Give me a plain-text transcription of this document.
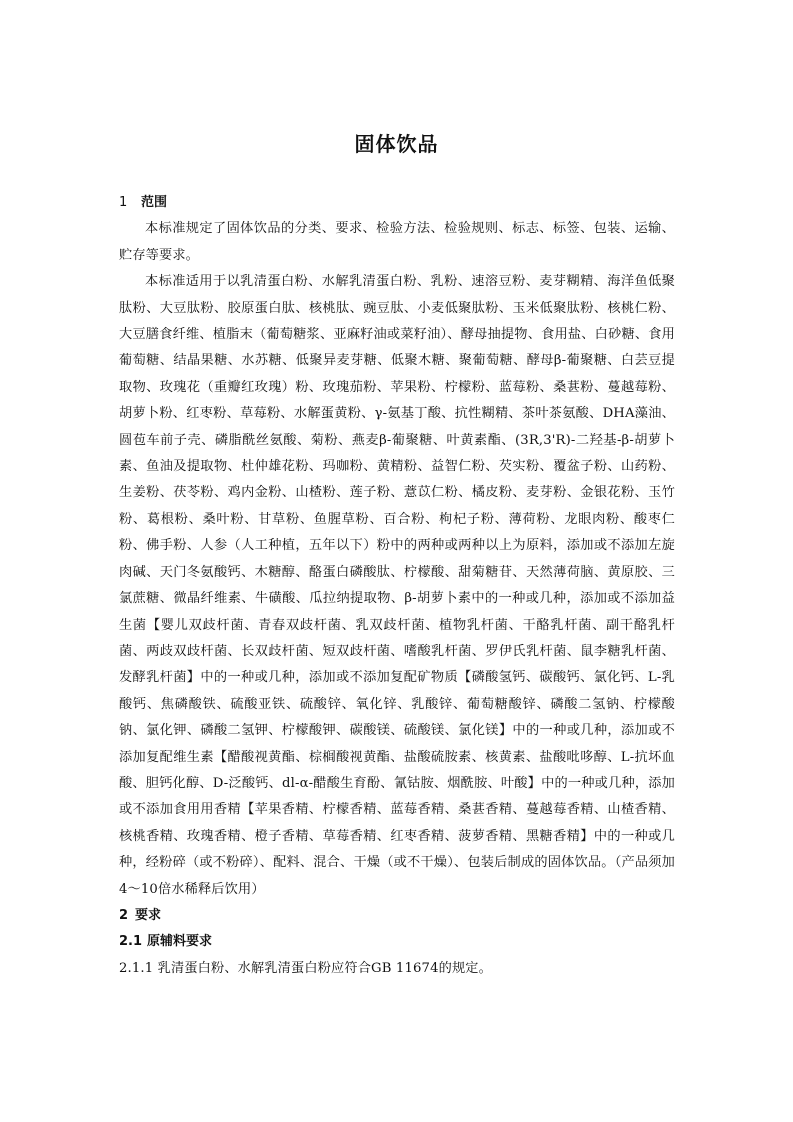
固体饮品
1 范围

本标准规定了固体饮品的分类、要求、检验方法、检验规则、标志、标签、包装、运输、贮存等要求。

本标准适用于以乳清蛋白粉、水解乳清蛋白粉、乳粉、速溶豆粉、麦芽糊精、海洋鱼低聚肽粉、大豆肽粉、胶原蛋白肽、核桃肽、豌豆肽、小麦低聚肽粉、玉米低聚肽粉、核桃仁粉、大豆膳食纤维、植脂末（葡萄糖浆、亚麻籽油或菜籽油）、酵母抽提物、食用盐、白砂糖、食用葡萄糖、结晶果糖、水苏糖、低聚异麦芽糖、低聚木糖、聚葡萄糖、酵母β-葡聚糖、白芸豆提取物、玫瑰花（重瓣红玫瑰）粉、玫瑰茄粉、苹果粉、柠檬粉、蓝莓粉、桑葚粉、蔓越莓粉、胡萝卜粉、红枣粉、草莓粉、水解蛋黄粉、γ-氨基丁酸、抗性糊精、茶叶茶氨酸、DHA藻油、圆苞车前子壳、磷脂酰丝氨酸、菊粉、燕麦β-葡聚糖、叶黄素酯、(3R,3'R)-二羟基-β-胡萝卜素、鱼油及提取物、杜仲雄花粉、玛咖粉、黄精粉、益智仁粉、芡实粉、覆盆子粉、山药粉、生姜粉、茯苓粉、鸡内金粉、山楂粉、莲子粉、薏苡仁粉、橘皮粉、麦芽粉、金银花粉、玉竹粉、葛根粉、桑叶粉、甘草粉、鱼腥草粉、百合粉、枸杞子粉、薄荷粉、龙眼肉粉、酸枣仁粉、佛手粉、人参（人工种植，五年以下）粉中的两种或两种以上为原料，添加或不添加左旋肉碱、天门冬氨酸钙、木糖醇、酪蛋白磷酸肽、柠檬酸、甜菊糖苷、天然薄荷脑、黄原胶、三氯蔗糖、微晶纤维素、牛磺酸、瓜拉纳提取物、β-胡萝卜素中的一种或几种，添加或不添加益生菌【婴儿双歧杆菌、青春双歧杆菌、乳双歧杆菌、植物乳杆菌、干酪乳杆菌、副干酪乳杆菌、两歧双歧杆菌、长双歧杆菌、短双歧杆菌、嗜酸乳杆菌、罗伊氏乳杆菌、鼠李糖乳杆菌、发酵乳杆菌】中的一种或几种，添加或不添加复配矿物质【磷酸氢钙、碳酸钙、氯化钙、L-乳酸钙、焦磷酸铁、硫酸亚铁、硫酸锌、氧化锌、乳酸锌、葡萄糖酸锌、磷酸二氢钠、柠檬酸钠、氯化钾、磷酸二氢钾、柠檬酸钾、碳酸镁、硫酸镁、氯化镁】中的一种或几种，添加或不添加复配维生素【醋酸视黄酯、棕榈酸视黄酯、盐酸硫胺素、核黄素、盐酸吡哆醇、L-抗坏血酸、胆钙化醇、D-泛酸钙、dl-α-醋酸生育酚、氰钴胺、烟酰胺、叶酸】中的一种或几种，添加或不添加食用用香精【苹果香精、柠檬香精、蓝莓香精、桑葚香精、蔓越莓香精、山楂香精、核桃香精、玫瑰香精、橙子香精、草莓香精、红枣香精、菠萝香精、黑糖香精】中的一种或几种，经粉碎（或不粉碎）、配料、混合、干燥（或不干燥）、包装后制成的固体饮品。（产品须加4～10倍水稀释后饮用）

2 要求
2.1 原辅料要求

2.1.1 乳清蛋白粉、水解乳清蛋白粉应符合GB 11674的规定。
